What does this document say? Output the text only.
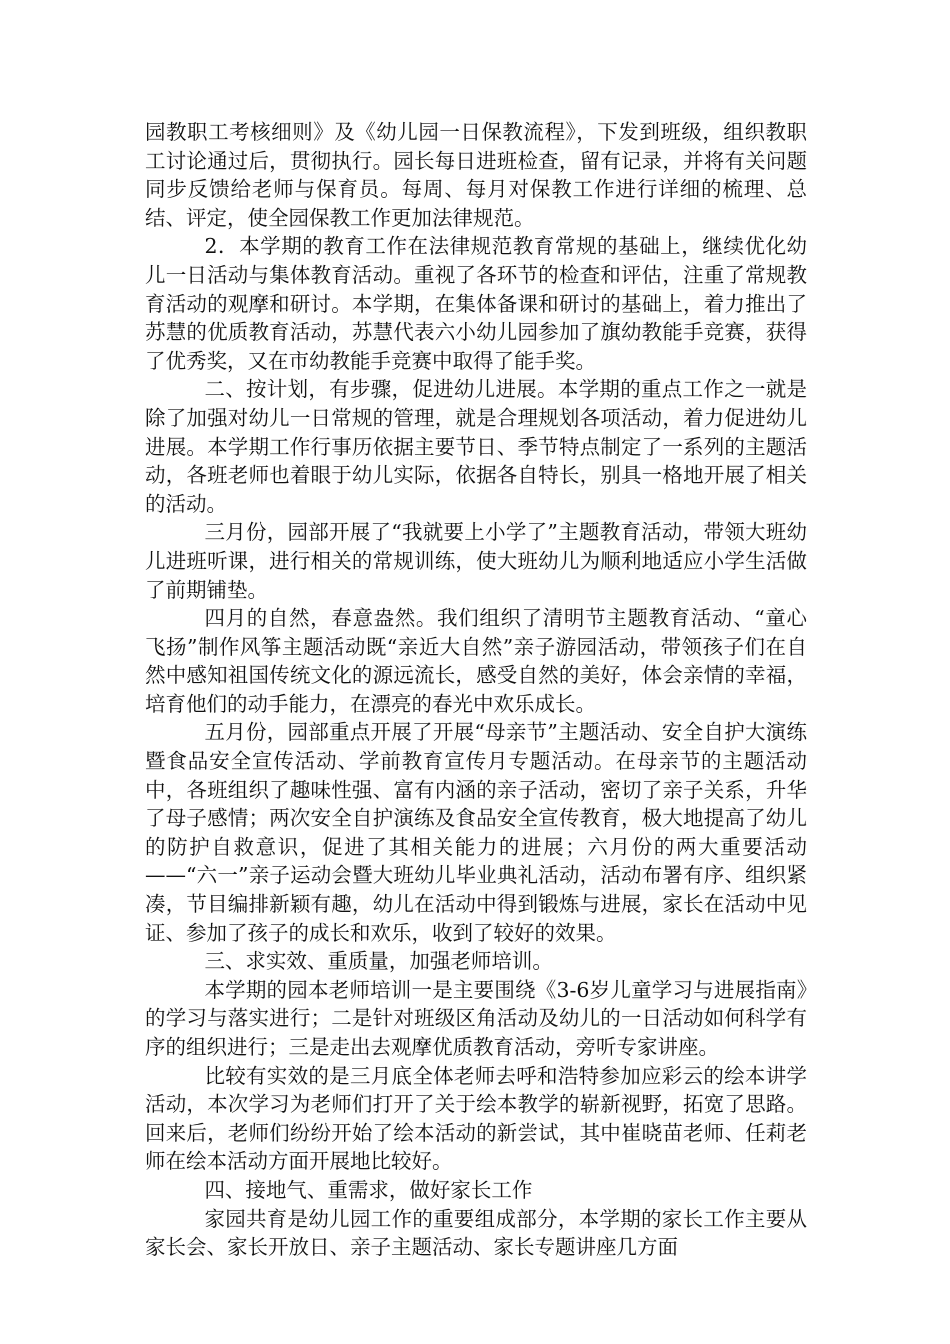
园教职工考核细则》及《幼儿园一日保教流程》，下发到班级，组织教职工讨论通过后，贯彻执行。园长每日进班检查，留有记录，并将有关问题同步反馈给老师与保育员。每周、每月对保教工作进行详细的梳理、总结、评定，使全园保教工作更加法律规范。

2．本学期的教育工作在法律规范教育常规的基础上，继续优化幼儿一日活动与集体教育活动。重视了各环节的检查和评估，注重了常规教育活动的观摩和研讨。本学期，在集体备课和研讨的基础上，着力推出了苏慧的优质教育活动，苏慧代表六小幼儿园参加了旗幼教能手竞赛，获得了优秀奖，又在市幼教能手竞赛中取得了能手奖。

二、按计划，有步骤，促进幼儿进展。本学期的重点工作之一就是除了加强对幼儿一日常规的管理，就是合理规划各项活动，着力促进幼儿进展。本学期工作行事历依据主要节日、季节特点制定了一系列的主题活动，各班老师也着眼于幼儿实际，依据各自特长，别具一格地开展了相关的活动。

三月份，园部开展了“我就要上小学了”主题教育活动，带领大班幼儿进班听课，进行相关的常规训练，使大班幼儿为顺利地适应小学生活做了前期铺垫。

四月的自然，春意盎然。我们组织了清明节主题教育活动、“童心飞扬”制作风筝主题活动既“亲近大自然”亲子游园活动，带领孩子们在自然中感知祖国传统文化的源远流长，感受自然的美好，体会亲情的幸福，培育他们的动手能力，在漂亮的春光中欢乐成长。

五月份，园部重点开展了开展“母亲节”主题活动、安全自护大演练暨食品安全宣传活动、学前教育宣传月专题活动。在母亲节的主题活动中，各班组织了趣味性强、富有内涵的亲子活动，密切了亲子关系，升华了母子感情；两次安全自护演练及食品安全宣传教育，极大地提高了幼儿的防护自救意识，促进了其相关能力的进展；六月份的两大重要活动——“六一”亲子运动会暨大班幼儿毕业典礼活动，活动布署有序、组织紧凑，节目编排新颖有趣，幼儿在活动中得到锻炼与进展，家长在活动中见证、参加了孩子的成长和欢乐，收到了较好的效果。

三、求实效、重质量，加强老师培训。

本学期的园本老师培训一是主要围绕《3-6岁儿童学习与进展指南》的学习与落实进行；二是针对班级区角活动及幼儿的一日活动如何科学有序的组织进行；三是走出去观摩优质教育活动，旁听专家讲座。

比较有实效的是三月底全体老师去呼和浩特参加应彩云的绘本讲学活动，本次学习为老师们打开了关于绘本教学的崭新视野，拓宽了思路。回来后，老师们纷纷开始了绘本活动的新尝试，其中崔晓苗老师、任莉老师在绘本活动方面开展地比较好。

四、接地气、重需求，做好家长工作

家园共育是幼儿园工作的重要组成部分，本学期的家长工作主要从家长会、家长开放日、亲子主题活动、家长专题讲座几方面
